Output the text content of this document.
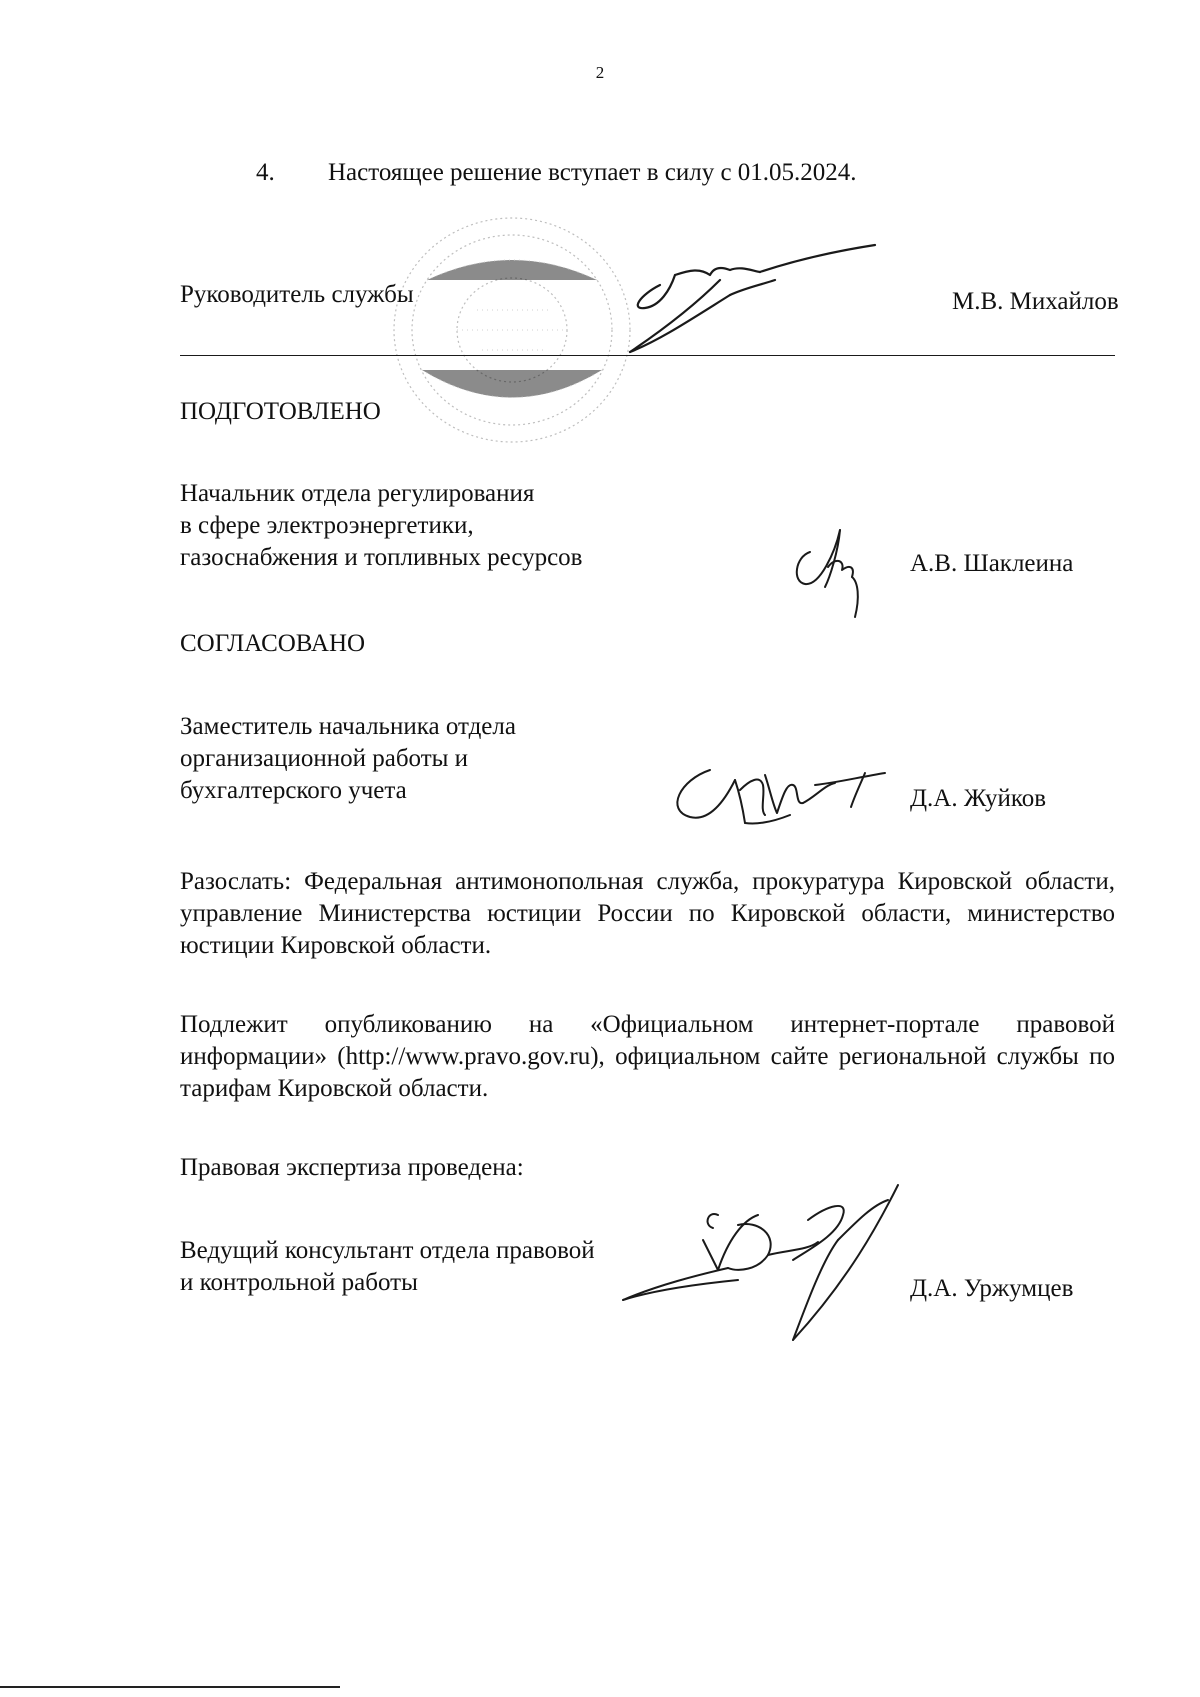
2
4. Настоящее решение вступает в силу с 01.05.2024.
Руководитель службы	М.В. Михайлов
ПОДГОТОВЛЕНО
Начальник отдела регулирования
в сфере электроэнергетики,
газоснабжения и топливных ресурсов	А.В. Шаклеина
СОГЛАСОВАНО
Заместитель начальника отдела
организационной работы и
бухгалтерского учета	Д.А. Жуйков
Разослать: Федеральная антимонопольная служба, прокуратура Кировской области, управление Министерства юстиции России по Кировской области, министерство юстиции Кировской области.
Подлежит опубликованию на «Официальном интернет-портале правовой информации» (http://www.pravo.gov.ru), официальном сайте региональной службы по тарифам Кировской области.
Правовая экспертиза проведена:
Ведущий консультант отдела правовой
и контрольной работы	Д.А. Уржумцев
